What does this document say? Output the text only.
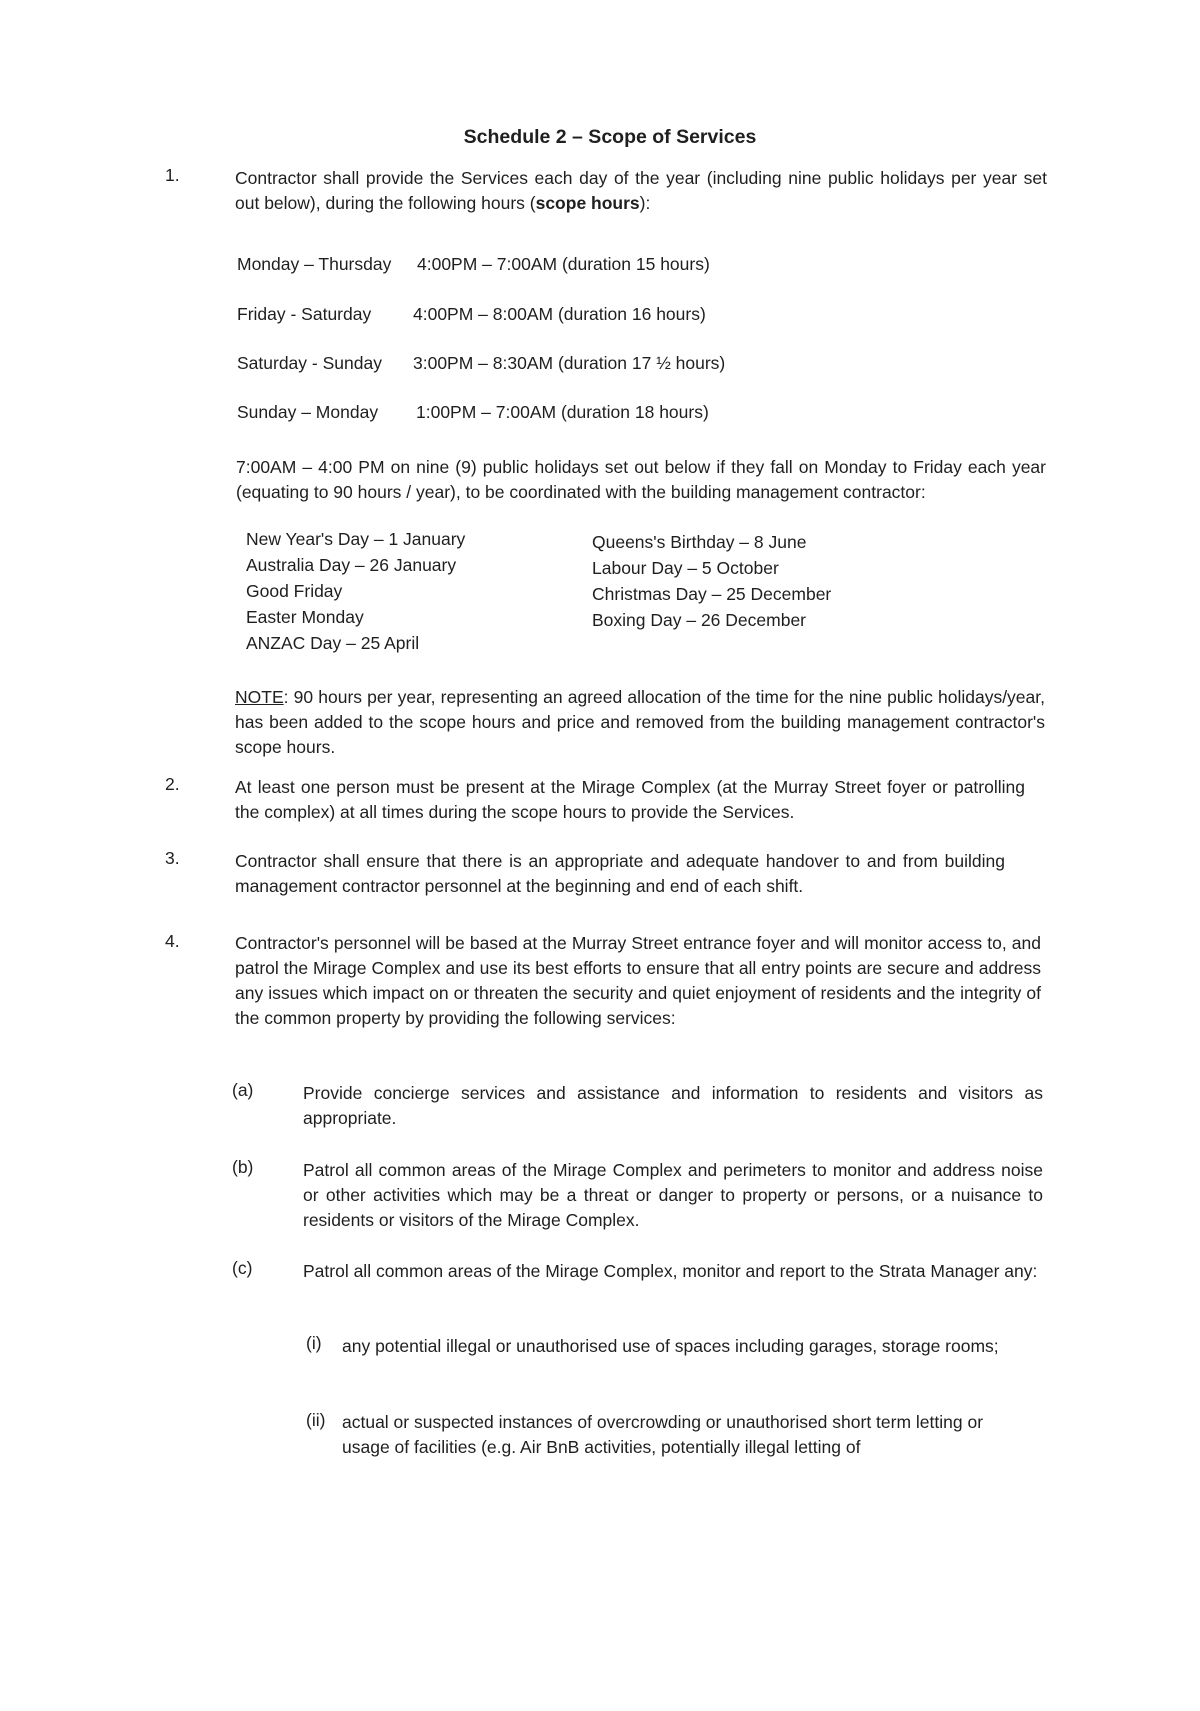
Schedule 2 – Scope of Services
1.	Contractor shall provide the Services each day of the year (including nine public holidays per year set out below), during the following hours (scope hours):

Monday – Thursday 4:00PM – 7:00AM (duration 15 hours)
Friday - Saturday 4:00PM – 8:00AM (duration 16 hours)
Saturday - Sunday 3:00PM – 8:30AM (duration 17 ½ hours)
Sunday – Monday 1:00PM – 7:00AM (duration 18 hours)
7:00AM – 4:00 PM on nine (9) public holidays set out below if they fall on Monday to Friday each year (equating to 90 hours / year), to be coordinated with the building management contractor:
New Year's Day – 1 January
Australia Day – 26 January
Good Friday
Easter Monday
ANZAC Day – 25 April
Queens's Birthday – 8 June
Labour Day – 5 October
Christmas Day – 25 December
Boxing Day – 26 December

NOTE: 90 hours per year, representing an agreed allocation of the time for the nine public holidays/year, has been added to the scope hours and price and removed from the building management contractor's scope hours.

2.	At least one person must be present at the Mirage Complex (at the Murray Street foyer or patrolling the complex) at all times during the scope hours to provide the Services.
3.	Contractor shall ensure that there is an appropriate and adequate handover to and from building management contractor personnel at the beginning and end of each shift.
4.	Contractor's personnel will be based at the Murray Street entrance foyer and will monitor access to, and patrol the Mirage Complex and use its best efforts to ensure that all entry points are secure and address any issues which impact on or threaten the security and quiet enjoyment of residents and the integrity of the common property by providing the following services:
(a)	Provide concierge services and assistance and information to residents and visitors as appropriate.
(b)	Patrol all common areas of the Mirage Complex and perimeters to monitor and address noise or other activities which may be a threat or danger to property or persons, or a nuisance to residents or visitors of the Mirage Complex.
(c)	Patrol all common areas of the Mirage Complex, monitor and report to the Strata Manager any:
(i) any potential illegal or unauthorised use of spaces including garages, storage rooms;
(ii) actual or suspected instances of overcrowding or unauthorised short term letting or usage of facilities (e.g. Air BnB activities, potentially illegal letting of
